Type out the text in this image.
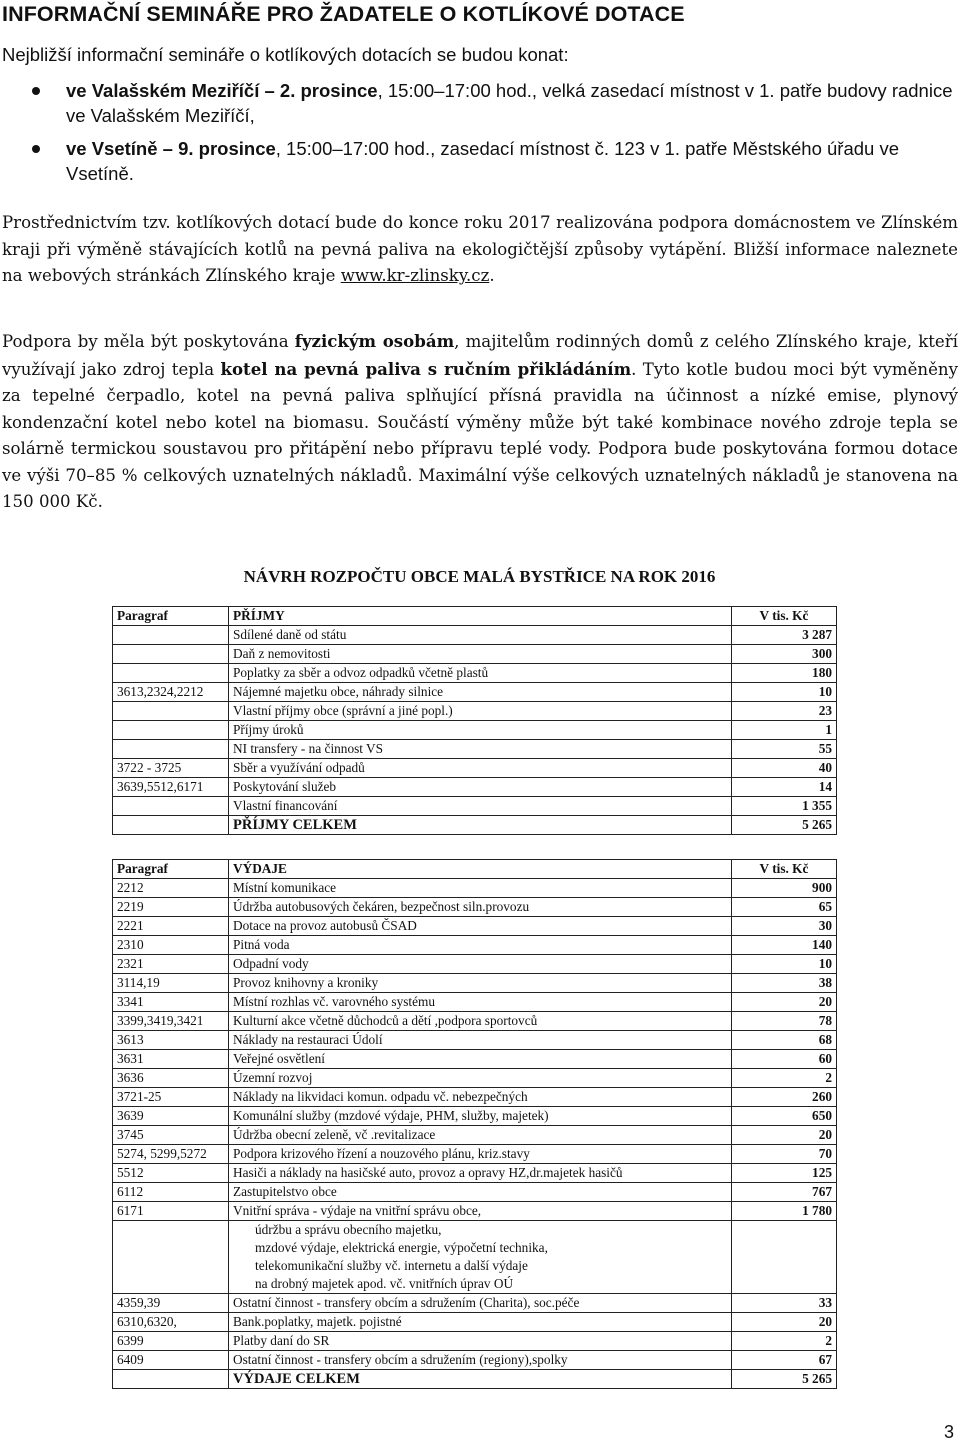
INFORMAČNÍ SEMINÁŘE PRO ŽADATELE O KOTLÍKOVÉ DOTACE
Nejbližší informační semináře o kotlíkových dotacích se budou konat:
ve Valašském Meziříčí – 2. prosince, 15:00–17:00 hod., velká zasedací místnost v 1. patře budovy radnice ve Valašském Meziříčí,
ve Vsetíně – 9. prosince, 15:00–17:00 hod., zasedací místnost č. 123 v 1. patře Městského úřadu ve Vsetíně.

Prostřednictvím tzv. kotlíkových dotací bude do konce roku 2017 realizována podpora domácnostem ve Zlínském kraji při výměně stávajících kotlů na pevná paliva na ekologičtější způsoby vytápění. Bližší informace naleznete na webových stránkách Zlínského kraje www.kr-zlinsky.cz.

Podpora by měla být poskytována fyzickým osobám, majitelům rodinných domů z celého Zlínského kraje, kteří využívají jako zdroj tepla kotel na pevná paliva s ručním přikládáním. Tyto kotle budou moci být vyměněny za tepelné čerpadlo, kotel na pevná paliva splňující přísná pravidla na účinnost a nízké emise, plynový kondenzační kotel nebo kotel na biomasu. Součástí výměny může být také kombinace nového zdroje tepla se solárně termickou soustavou pro přitápění nebo přípravu teplé vody. Podpora bude poskytována formou dotace ve výši 70–85 % celkových uznatelných nákladů. Maximální výše celkových uznatelných nákladů je stanovena na 150 000 Kč.

NÁVRH ROZPOČTU OBCE MALÁ BYSTŘICE NA ROK 2016
Paragraf	PŘÍJMY	V tis. Kč
	Sdílené daně od státu	3 287
	Daň z nemovitosti	300
	Poplatky za sběr a odvoz odpadků včetně plastů	180
3613,2324,2212	Nájemné majetku obce, náhrady silnice	10
	Vlastní příjmy obce (správní a jiné popl.)	23
	Příjmy úroků	1
	NI transfery - na činnost VS	55
3722 - 3725	Sběr a využívání odpadů	40
3639,5512,6171	Poskytování služeb	14
	Vlastní financování	1 355
	PŘÍJMY CELKEM	5 265
Paragraf	VÝDAJE	V tis. Kč
2212	Místní komunikace	900
2219	Údržba autobusových čekáren, bezpečnost siln.provozu	65
2221	Dotace na provoz autobusů ČSAD	30
2310	Pitná voda	140
2321	Odpadní vody	10
3114,19	Provoz knihovny a kroniky	38
3341	Místní rozhlas vč. varovného systému	20
3399,3419,3421	Kulturní akce včetně důchodců a dětí ,podpora sportovců	78
3613	Náklady na restauraci Údolí	68
3631	Veřejné osvětlení	60
3636	Územní rozvoj	2
3721-25	Náklady na likvidaci komun. odpadu vč. nebezpečných	260
3639	Komunální služby (mzdové výdaje, PHM, služby, majetek)	650
3745	Údržba obecní zeleně, vč .revitalizace	20
5274, 5299,5272	Podpora krizového řízení a nouzového plánu, kriz.stavy	70
5512	Hasiči a náklady na hasičské auto, provoz a opravy HZ,dr.majetek hasičů	125
6112	Zastupitelstvo obce	767
6171	Vnitřní správa - výdaje na vnitřní správu obce,	1 780
	údržbu a správu obecního majetku,	
	mzdové výdaje, elektrická energie, výpočetní technika,	
	telekomunikační služby vč. internetu a další výdaje	
	na drobný majetek apod. vč. vnitřních úprav OÚ	
4359,39	Ostatní činnost - transfery obcím a sdružením (Charita), soc.péče	33
6310,6320,	Bank.poplatky, majetk. pojistné	20
6399	Platby daní do SR	2
6409	Ostatní činnost - transfery obcím a sdružením (regiony),spolky	67
	VÝDAJE CELKEM	5 265
3
